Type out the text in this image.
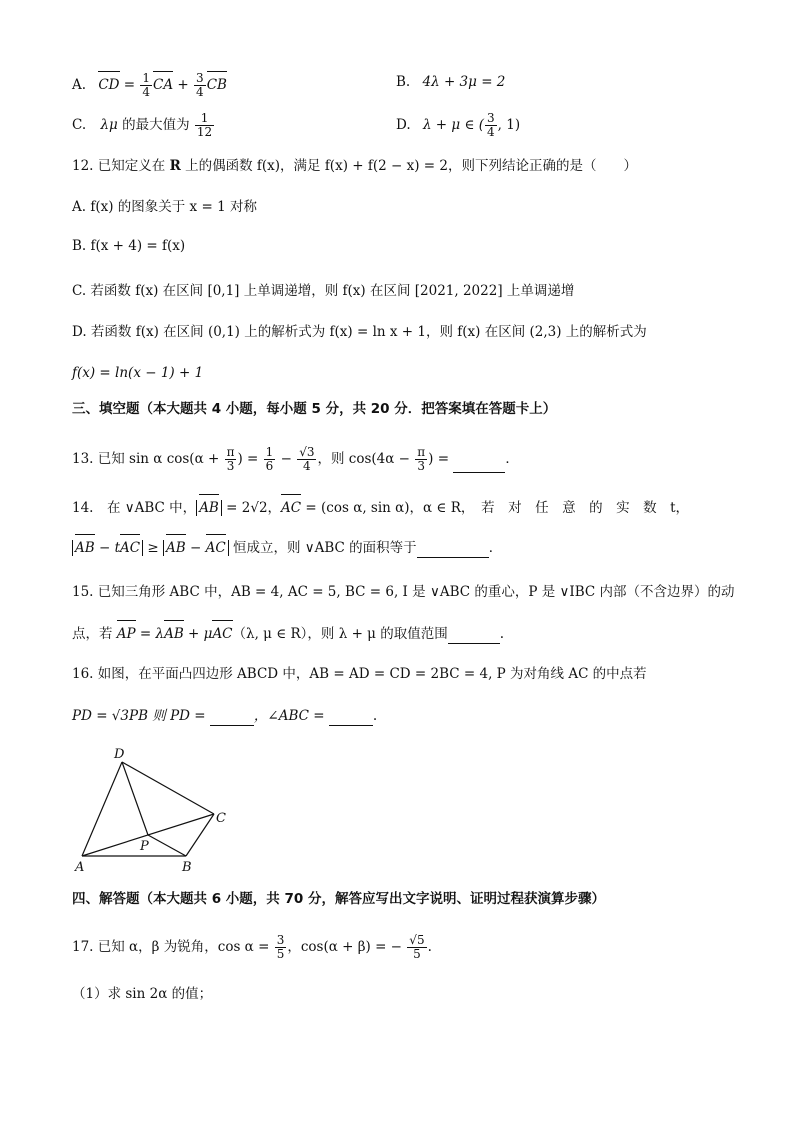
A. CD = $\frac{1}{4}$ CA + $\frac{3}{4}$ CB	B. 4λ + 3μ = 2
C. λμ 的最大值为 $\frac{1}{12}$	D. λ + μ ∈ ( $\frac{3}{4}$ , 1)
12. 已知定义在 R 上的偶函数 f(x)，满足 f(x) + f(2 − x) = 2，则下列结论正确的是（　　）
A. f(x) 的图象关于 x = 1 对称
B. f(x + 4) = f(x)
C. 若函数 f(x) 在区间 [0,1] 上单调递增，则 f(x) 在区间 [2021, 2022] 上单调递增
D. 若函数 f(x) 在区间 (0,1) 上的解析式为 f(x) = ln x + 1，则 f(x) 在区间 (2,3) 上的解析式为
f(x) = ln(x − 1) + 1
三、填空题（本大题共 4 小题，每小题 5 分，共 20 分．把答案填在答题卡上）
13. 已知 sin α $\cos(\alpha + \frac{\pi}{3}$ ) = $\frac{1}{6} - \frac{√3}{4}$ ，则 $\cos(4\alpha - \frac{\pi}{3}$ ) =	．
14.　在 ∨ABC 中， AB = 2√2，AC = (cos α, sin α)，α ∈ R，　若　对　任　意　的　实　数　t，
AB − tAC ≥ AB − AC 恒成立，则 ∨ABC 的面积等于	．
15. 已知三角形 ABC 中，AB = 4, AC = 5, BC = 6, I 是 ∨ABC 的重心，P 是 ∨IBC 内部（不含边界）的动
点，若 AP = λAB + μAC（λ, μ ∈ R），则 λ + μ 的取值范围	.
16. 如图，在平面凸四边形 ABCD 中，AB = AD = CD = 2BC = 4, P 为对角线 AC 的中点若
PD = √3PB 则 PD =	，∠ABC =	.
D
C
P
A	B
四、解答题（本大题共 6 小题，共 70 分，解答应写出文字说明、证明过程获演算步骤）
17. 已知 α，β 为锐角，$\cos \alpha = \frac{3}{5}$ ，cos(α + β) = − $\frac{√5}{5}$ .
（1）求 sin 2α 的值；
